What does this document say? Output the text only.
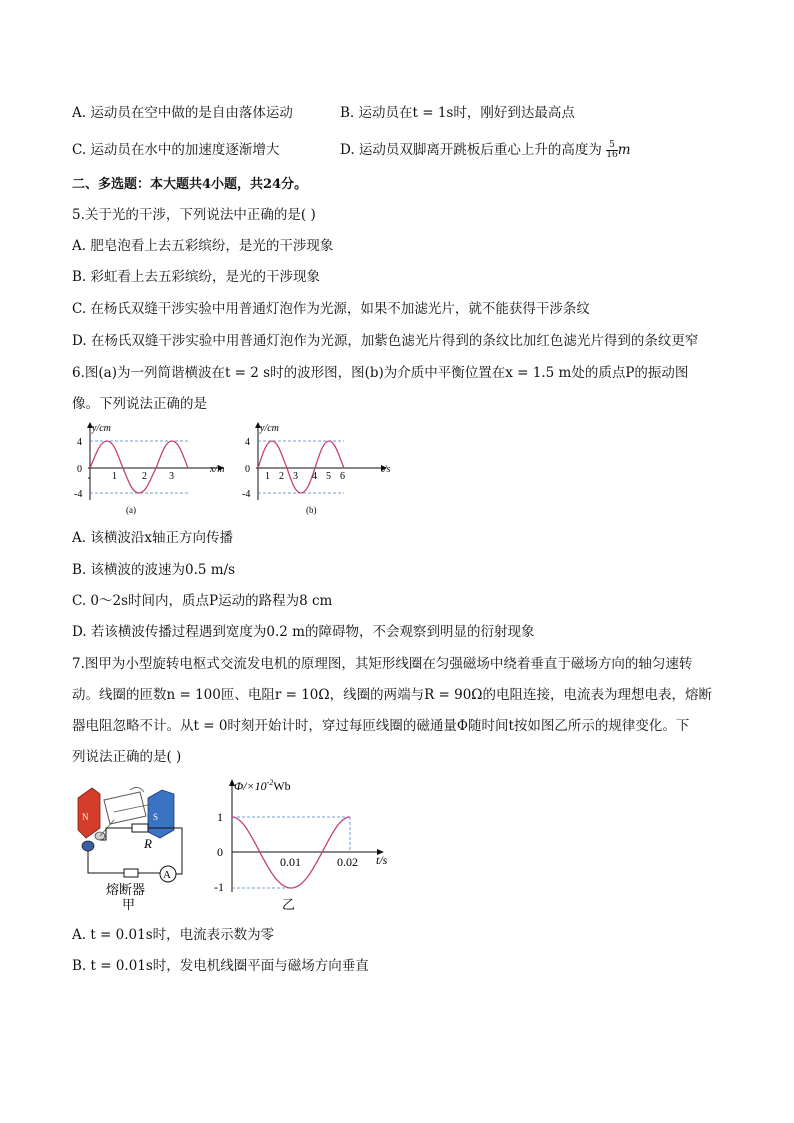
A. 运动员在空中做的是自由落体运动	B. 运动员在t = 1s时，刚好到达最高点
C. 运动员在水中的加速度逐渐增大	D. 运动员双脚离开跳板后重心上升的高度为 $\frac{5}{16}$ m
二、多选题：本大题共4小题，共24分。
5.关于光的干涉，下列说法中正确的是( )
A. 肥皂泡看上去五彩缤纷，是光的干涉现象
B. 彩虹看上去五彩缤纷，是光的干涉现象
C. 在杨氏双缝干涉实验中用普通灯泡作为光源，如果不加滤光片，就不能获得干涉条纹
D. 在杨氏双缝干涉实验中用普通灯泡作为光源，加紫色滤光片得到的条纹比加红色滤光片得到的条纹更窄
6.图(a)为一列简谐横波在t = 2 s时的波形图，图(b)为介质中平衡位置在x = 1.5 m处的质点P的振动图
像。下列说法正确的是
y/cm
4
0
-4
1	2 3
x/m
(a)
y/cm
4
0
-4
1 2 3 4 5 6
t/s
(b)
A. 该横波沿x轴正方向传播
B. 该横波的波速为0.5 m/s
C. 0～2s时间内，质点P运动的路程为8 cm
D. 若该横波传播过程遇到宽度为0.2 m的障碍物，不会观察到明显的衍射现象
7.图甲为小型旋转电枢式交流发电机的原理图，其矩形线圈在匀强磁场中绕着垂直于磁场方向的轴匀速转
动。线圈的匝数n = 100匝、电阻r = 10Ω，线圈的两端与R = 90Ω的电阻连接，电流表为理想电表，熔断
器电阻忽略不计。从t = 0时刻开始计时，穿过每匝线圈的磁通量Φ随时间t按如图乙所示的规律变化。下
列说法正确的是( )
N	S
R
A
熔断器
甲
$\Phi/\times 10^{-2}Wb$
1
0
-1
0.01	0.02 t/s
乙
A. t = 0.01s时，电流表示数为零
B. t = 0.01s时，发电机线圈平面与磁场方向垂直
